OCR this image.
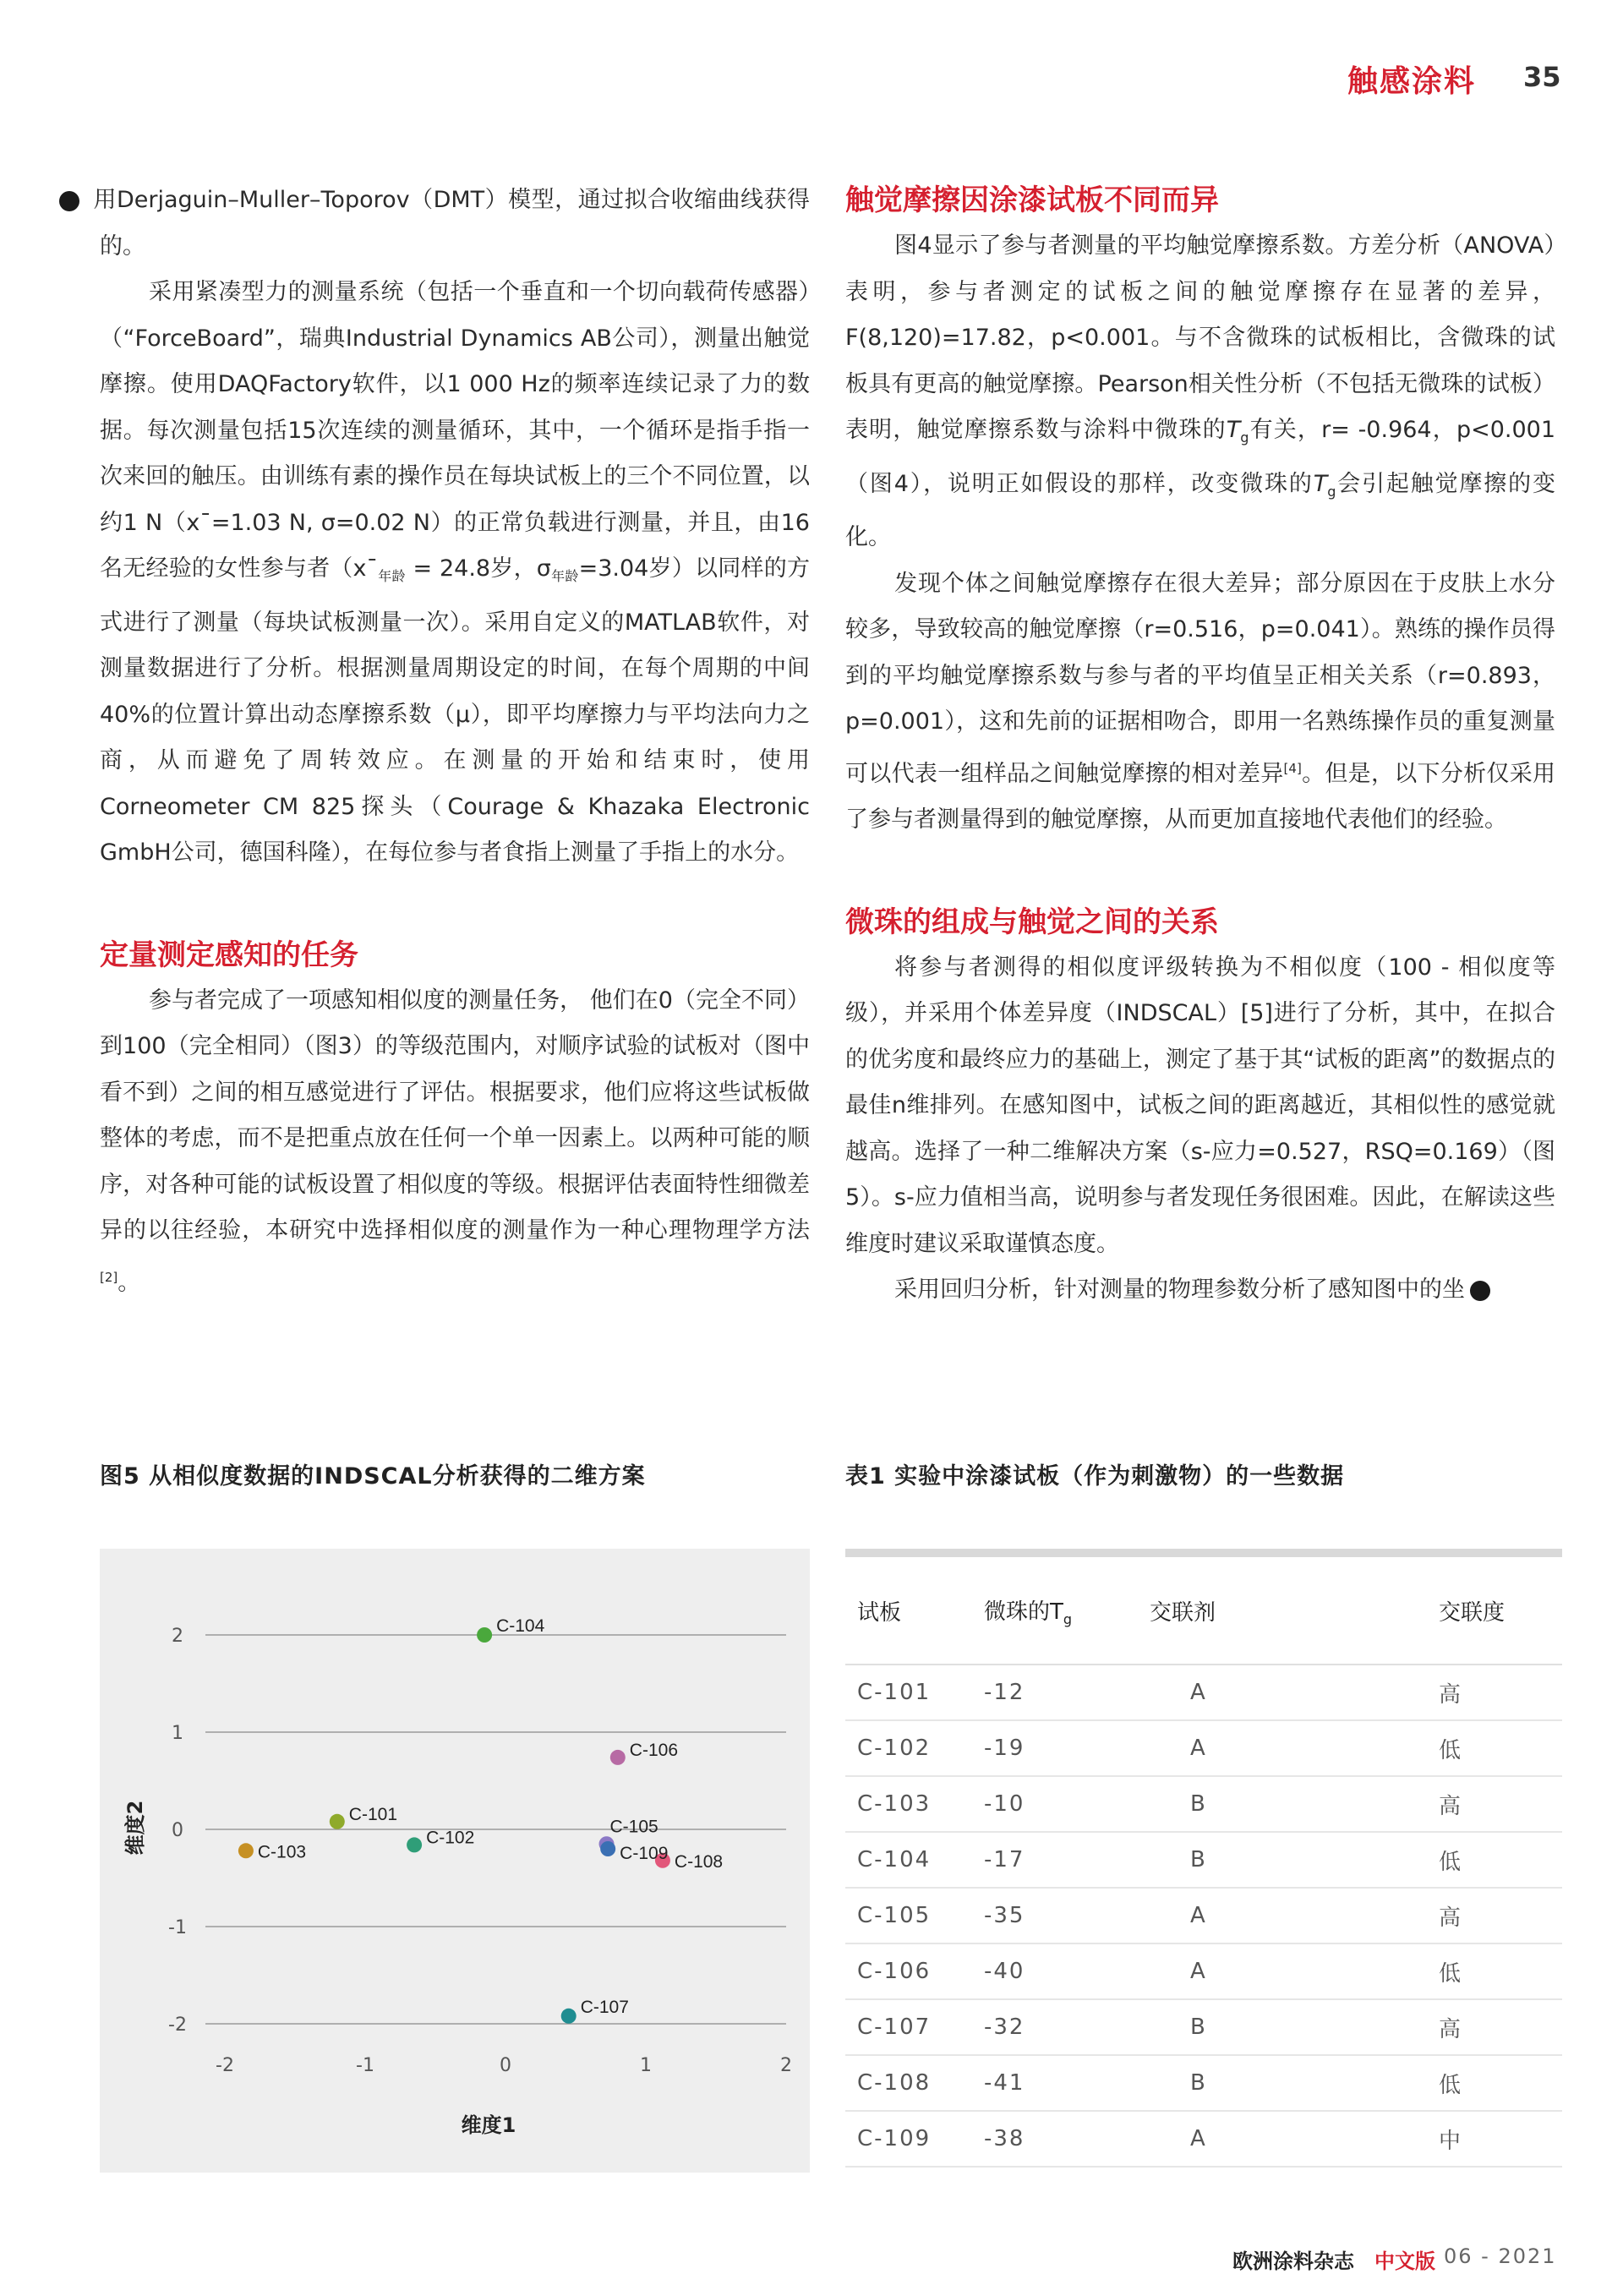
触感涂料 35

▶ 用Derjaguin–Muller–Toporov（DMT）模型，通过拟合收缩曲线获得的。

采用紧凑型力的测量系统（包括一个垂直和一个切向载荷传感器）（“ForceBoard”，瑞典Industrial Dynamics AB公司），测量出触觉摩擦。使用DAQFactory软件，以1 000 Hz的频率连续记录了力的数据。每次测量包括15次连续的测量循环，其中，一个循环是指手指一次来回的触压。由训练有素的操作员在每块试板上的三个不同位置，以约1 N（x¯=1.03 N, σ=0.02 N）的正常负载进行测量，并且，由16名无经验的女性参与者（$x¯_{年龄} = 24.8$岁，$\sigma_{年龄}=3.04$岁）以同样的方式进行了测量（每块试板测量一次）。采用自定义的MATLAB软件，对测量数据进行了分析。根据测量周期设定的时间，在每个周期的中间40%的位置计算出动态摩擦系数（μ），即平均摩擦力与平均法向力之商，从而避免了周转效应。在测量的开始和结束时，使用Corneometer CM 825探头（Courage & Khazaka Electronic GmbH公司，德国科隆），在每位参与者食指上测量了手指上的水分。

定量测定感知的任务

参与者完成了一项感知相似度的测量任务， 他们在0（完全不同）到100（完全相同）（图3）的等级范围内，对顺序试验的试板对（图中看不到）之间的相互感觉进行了评估。根据要求，他们应将这些试板做整体的考虑，而不是把重点放在任何一个单一因素上。以两种可能的顺序，对各种可能的试板设置了相似度的等级。根据评估表面特性细微差异的以往经验，本研究中选择相似度的测量作为一种心理物理学方法[2]。

触觉摩擦因涂漆试板不同而异

图4显示了参与者测量的平均触觉摩擦系数。方差分析（ANOVA）表明，参与者测定的试板之间的触觉摩擦存在显著的差异，F(8,120)=17.82，p<0.001。与不含微珠的试板相比，含微珠的试板具有更高的触觉摩擦。Pearson相关性分析（不包括无微珠的试板）表明，触觉摩擦系数与涂料中微珠的$T_g$有关，r= -0.964，p<0.001（图4），说明正如假设的那样，改变微珠的$T_g$会引起触觉摩擦的变化。

发现个体之间触觉摩擦存在很大差异；部分原因在于皮肤上水分较多，导致较高的触觉摩擦（r=0.516，p=0.041）。熟练的操作员得到的平均触觉摩擦系数与参与者的平均值呈正相关关系（r=0.893，p=0.001），这和先前的证据相吻合，即用一名熟练操作员的重复测量可以代表一组样品之间触觉摩擦的相对差异[4]。但是，以下分析仅采用了参与者测量得到的触觉摩擦，从而更加直接地代表他们的经验。

微珠的组成与触觉之间的关系

将参与者测得的相似度评级转换为不相似度（100 - 相似度等级），并采用个体差异度（INDSCAL）[5]进行了分析，其中，在拟合的优劣度和最终应力的基础上，测定了基于其“试板的距离”的数据点的最佳n维排列。在感知图中，试板之间的距离越近，其相似性的感觉就越高。选择了一种二维解决方案（s-应力=0.527，RSQ=0.169）（图5）。s-应力值相当高，说明参与者发现任务很困难。因此，在解读这些维度时建议采取谨慎态度。

采用回归分析，针对测量的物理参数分析了感知图中的坐	▶

图5 从相似度数据的INDSCAL分析获得的二维方案
2
1
0
-1
-2
-2	-1	0	1	2
维度1
维度2	C-101
C-102
C-103
C-104
C-105
C-106
C-107
C-108
C-109
表1 实验中涂漆试板（作为刺激物）的一些数据
试板	微珠的$T_g$	交联剂	交联度
C-101	-12	A	高
C-102	-19	A	低
C-103	-10	B	高
C-104	-17	B	低
C-105	-35	A	高
C-106	-40	A	低
C-107	-32	B	高
C-108	-41	B	低
C-109	-38	A	中
欧洲涂料杂志 中文版 06 - 2021
